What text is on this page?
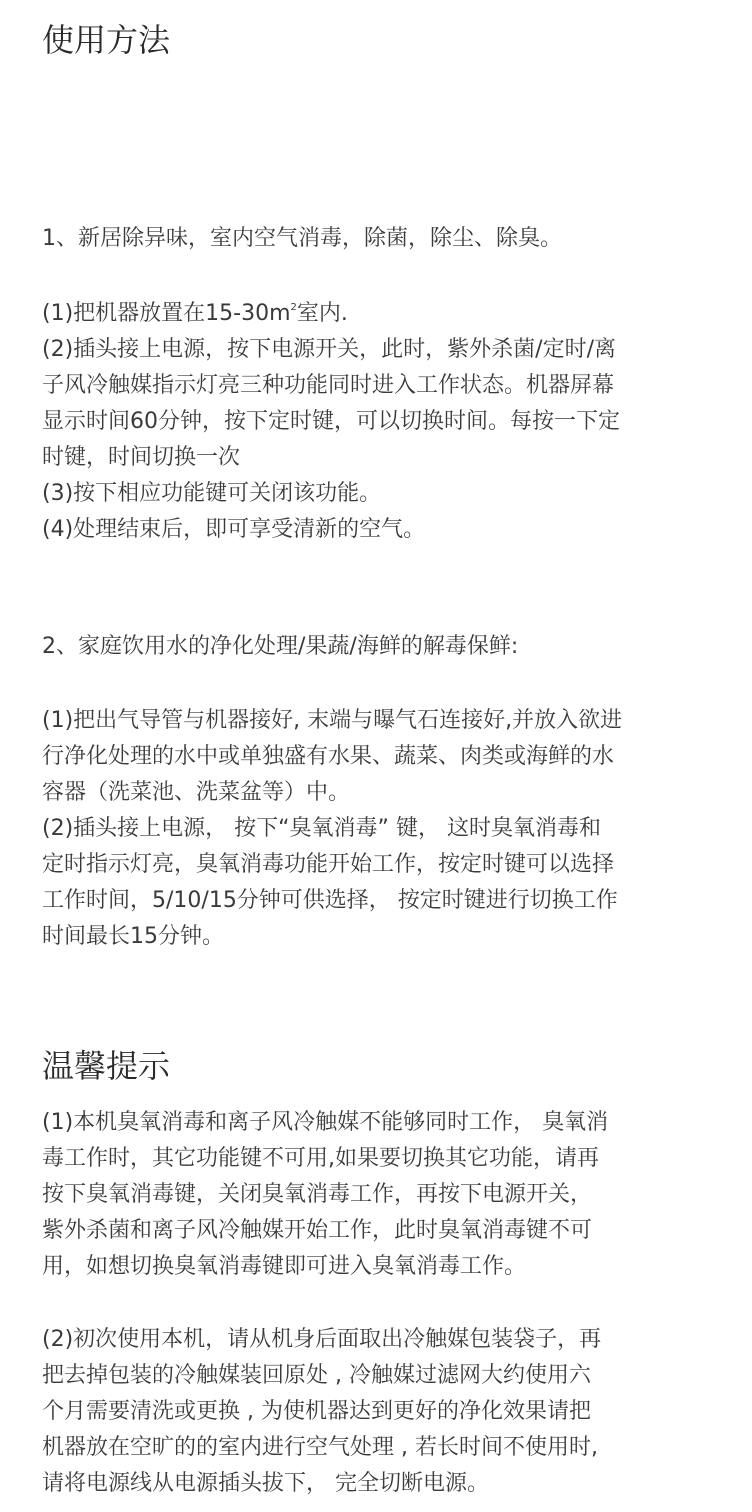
使用方法
1、新居除异味，室内空气消毒，除菌，除尘、除臭。
(1)把机器放置在$15-30m^2$室内.
(2)插头接上电源，按下电源开关，此时，紫外杀菌/定时/离
子风冷触媒指示灯亮三种功能同时进入工作状态。机器屏幕
显示时间60分钟，按下定时键，可以切换时间。每按一下定
时键，时间切换一次
(3)按下相应功能键可关闭该功能。
(4)处理结束后，即可享受清新的空气。
2、家庭饮用水的净化处理/果蔬/海鲜的解毒保鲜:
(1)把出气导管与机器接好, 末端与曝气石连接好,并放入欲进
行净化处理的水中或单独盛有水果、蔬菜、肉类或海鲜的水
容器（洗菜池、洗菜盆等）中。
(2)插头接上电源， 按下“臭氧消毒” 键， 这时臭氧消毒和
定时指示灯亮，臭氧消毒功能开始工作，按定时键可以选择
工作时间，5/10/15分钟可供选择， 按定时键进行切换工作
时间最长15分钟。
温馨提示
(1)本机臭氧消毒和离子风冷触媒不能够同时工作， 臭氧消
毒工作时，其它功能键不可用,如果要切换其它功能，请再
按下臭氧消毒键，关闭臭氧消毒工作，再按下电源开关，
紫外杀菌和离子风冷触媒开始工作，此时臭氧消毒键不可
用，如想切换臭氧消毒键即可进入臭氧消毒工作。
(2)初次使用本机，请从机身后面取出冷触媒包装袋子，再
把去掉包装的冷触媒装回原处 , 冷触媒过滤网大约使用六
个月需要清洗或更换 , 为使机器达到更好的净化效果请把
机器放在空旷的的室内进行空气处理 , 若长时间不使用时,
请将电源线从电源插头拔下， 完全切断电源。
